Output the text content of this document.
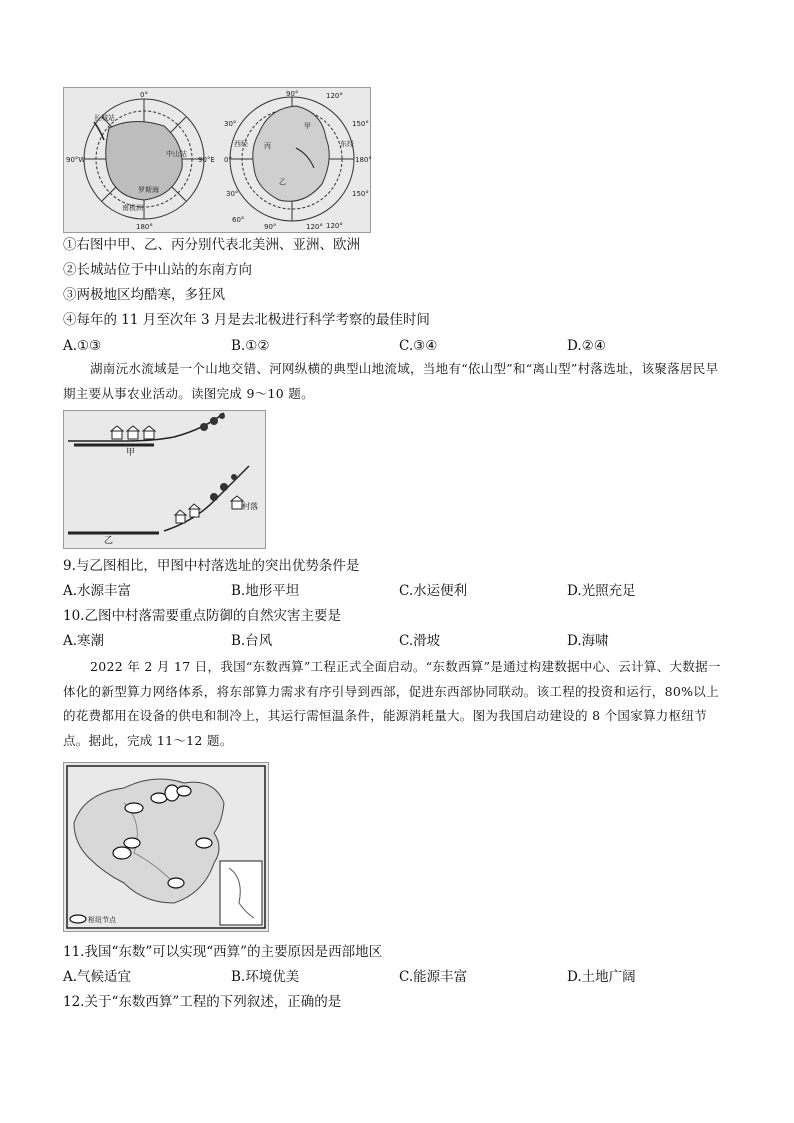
0°
90°W	90°E
180°
长城站
中山站
罗斯海
南极洲
90°
30°
0°
30°
60°
120°
150°
180°
150°
120°
90°	120°
西经	东经
甲
乙
丙
①右图中甲、乙、丙分别代表北美洲、亚洲、欧洲
②长城站位于中山站的东南方向
③两极地区均酷寒，多狂风
④每年的 11 月至次年 3 月是去北极进行科学考察的最佳时间
A.①③	B.①②	C.③④	D.②④
湖南沅水流域是一个山地交错、河网纵横的典型山地流域，当地有“依山型”和“离山型”村落选址，该聚落居民早期主要从事农业活动。读图完成 9～10 题。
甲
乙
村落
9.与乙图相比，甲图中村落选址的突出优势条件是
A.水源丰富	B.地形平坦	C.水运便利	D.光照充足
10.乙图中村落需要重点防御的自然灾害主要是
A.寒潮	B.台风	C.滑坡	D.海啸
2022 年 2 月 17 日，我国“东数西算”工程正式全面启动。“东数西算”是通过构建数据中心、云计算、大数据一体化的新型算力网络体系，将东部算力需求有序引导到西部，促进东西部协同联动。该工程的投资和运行，80%以上的花费都用在设备的供电和制冷上，其运行需恒温条件，能源消耗量大。图为我国启动建设的 8 个国家算力枢纽节点。据此，完成 11～12 题。
枢纽节点
11.我国“东数”可以实现“西算”的主要原因是西部地区
A.气候适宜	B.环境优美	C.能源丰富	D.土地广阔
12.关于“东数西算”工程的下列叙述，正确的是
